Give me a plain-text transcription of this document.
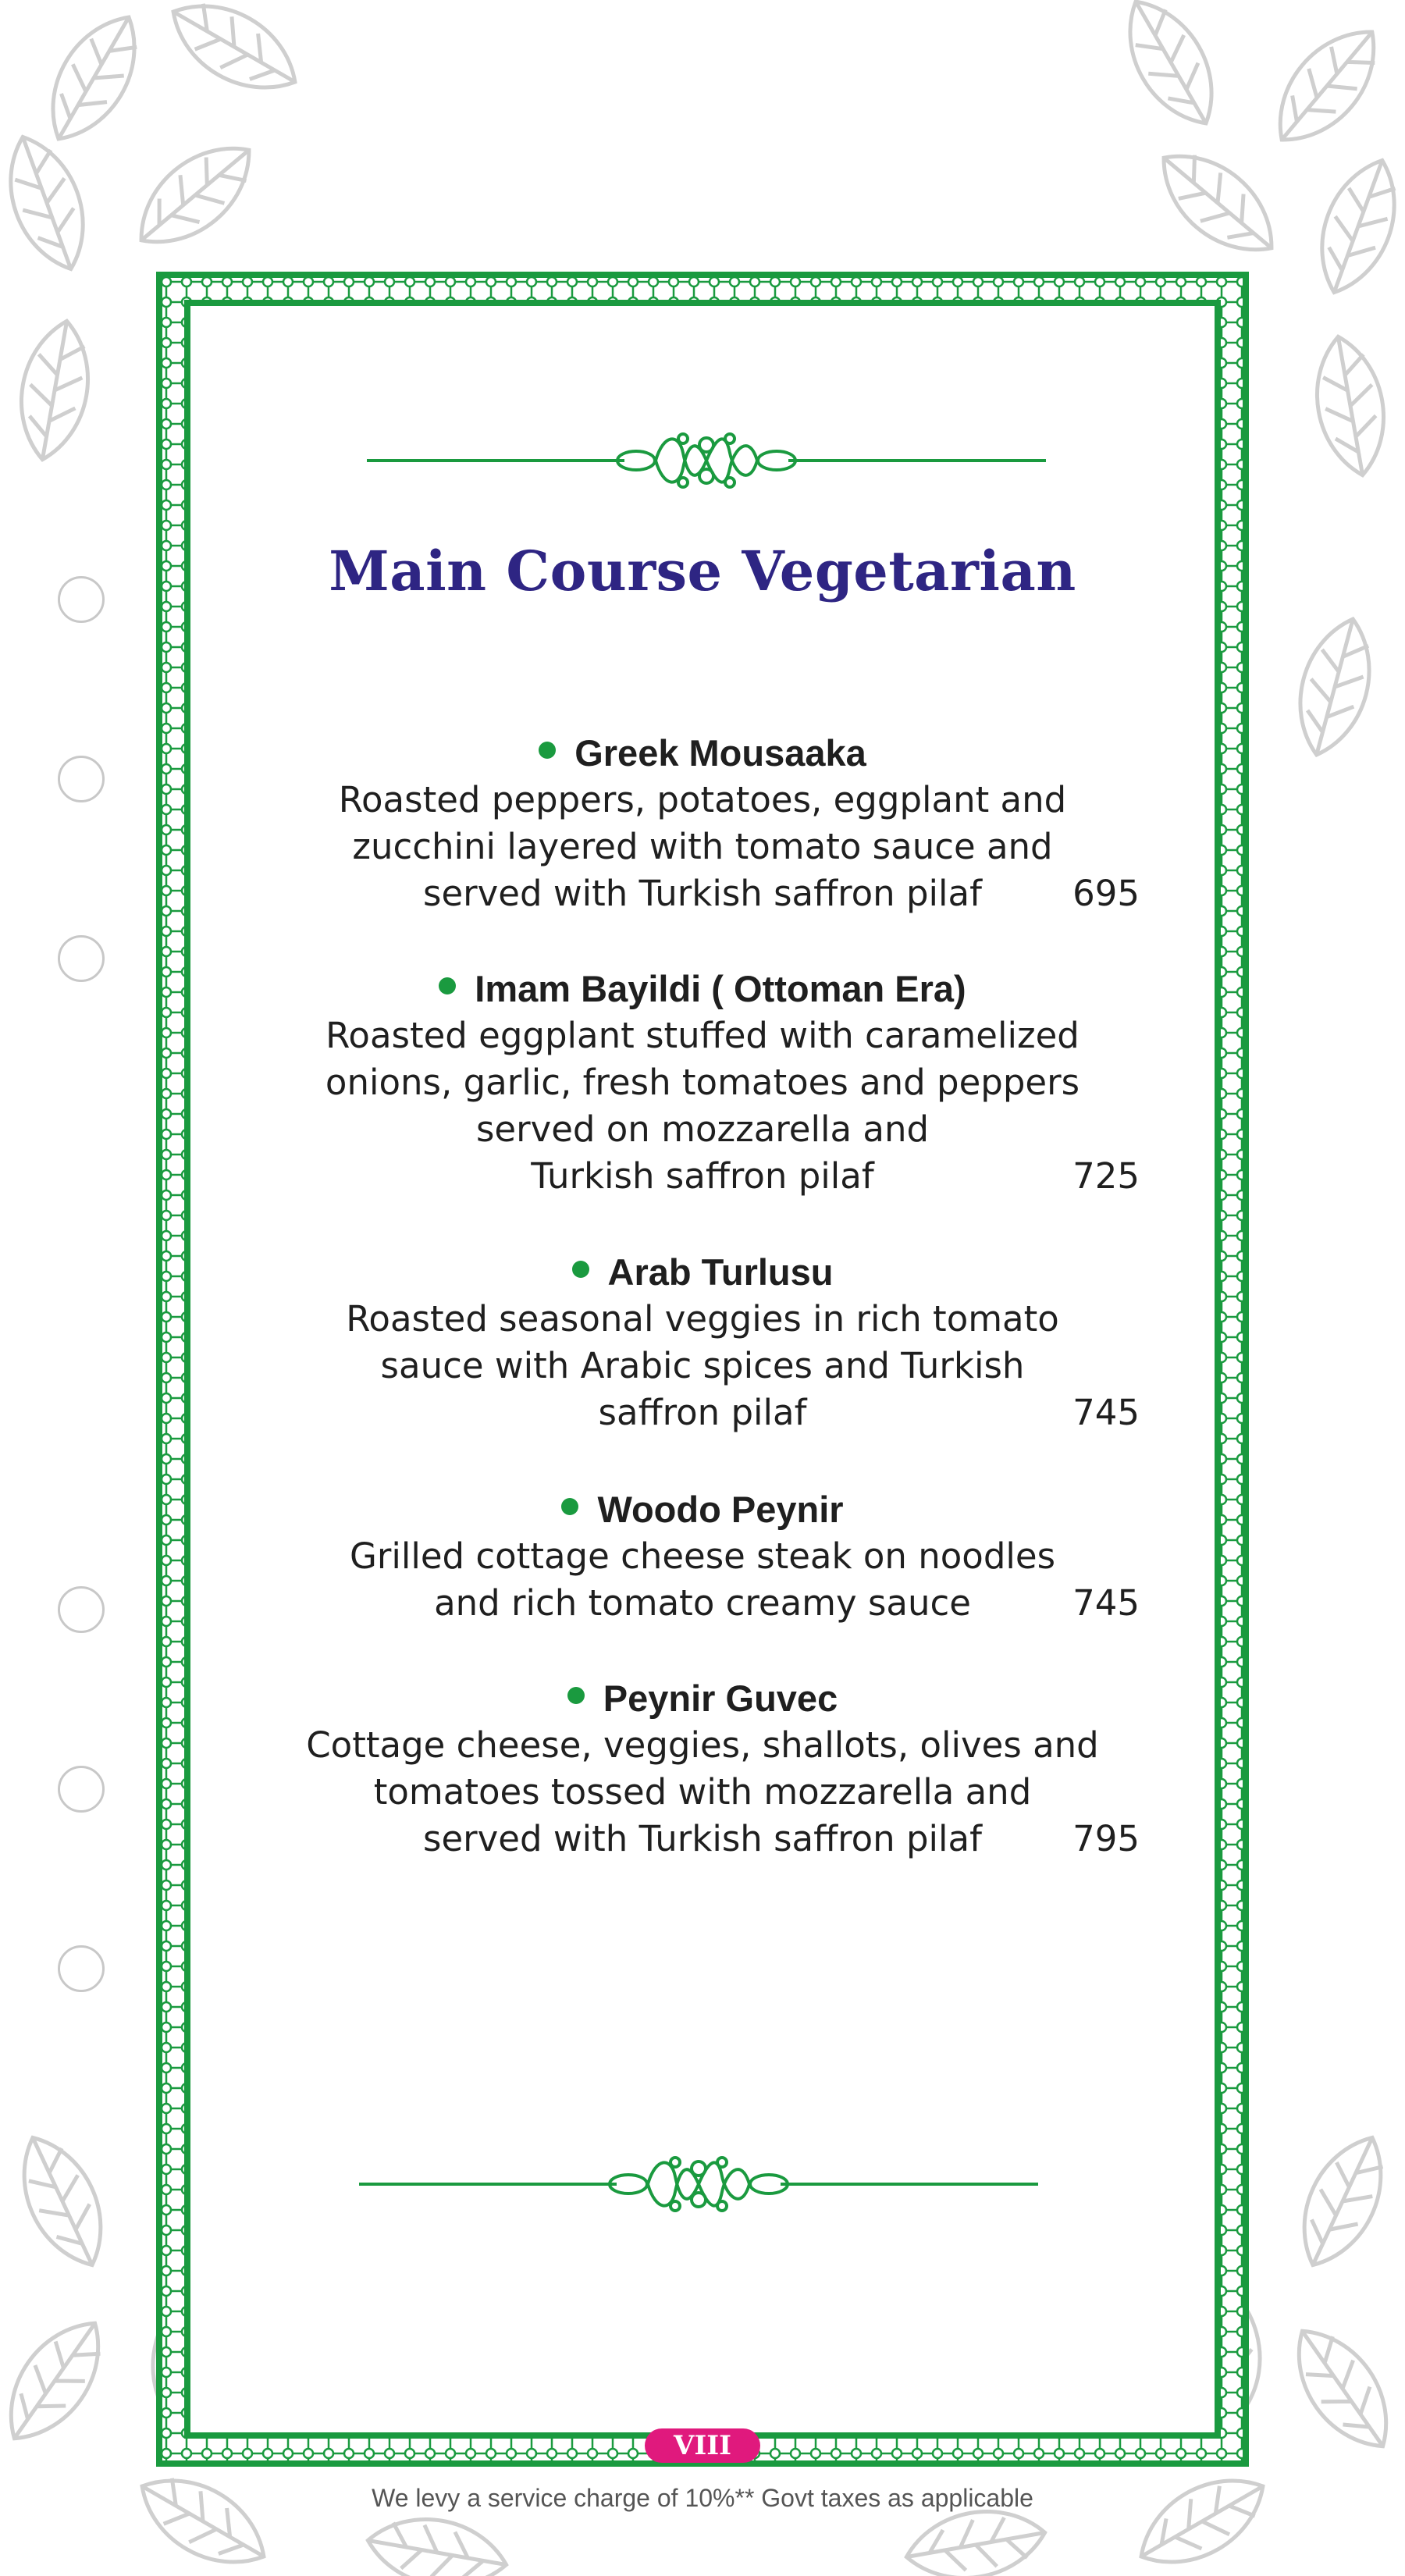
Main Course Vegetarian

Greek Mousaaka

Roasted peppers, potatoes, eggplant and
zucchini layered with tomato sauce and
served with Turkish saffron pilaf	695

Imam Bayildi ( Ottoman Era)

Roasted eggplant stuffed with caramelized
onions, garlic, fresh tomatoes and peppers
served on mozzarella and
Turkish saffron pilaf	725

Arab Turlusu

Roasted seasonal veggies in rich tomato
sauce with Arabic spices and Turkish
saffron pilaf	745

Woodo Peynir

Grilled cottage cheese steak on noodles
and rich tomato creamy sauce	745

Peynir Guvec

Cottage cheese, veggies, shallots, olives and
tomatoes tossed with mozzarella and
served with Turkish saffron pilaf	795
VIII

We levy a service charge of 10%** Govt taxes as applicable
